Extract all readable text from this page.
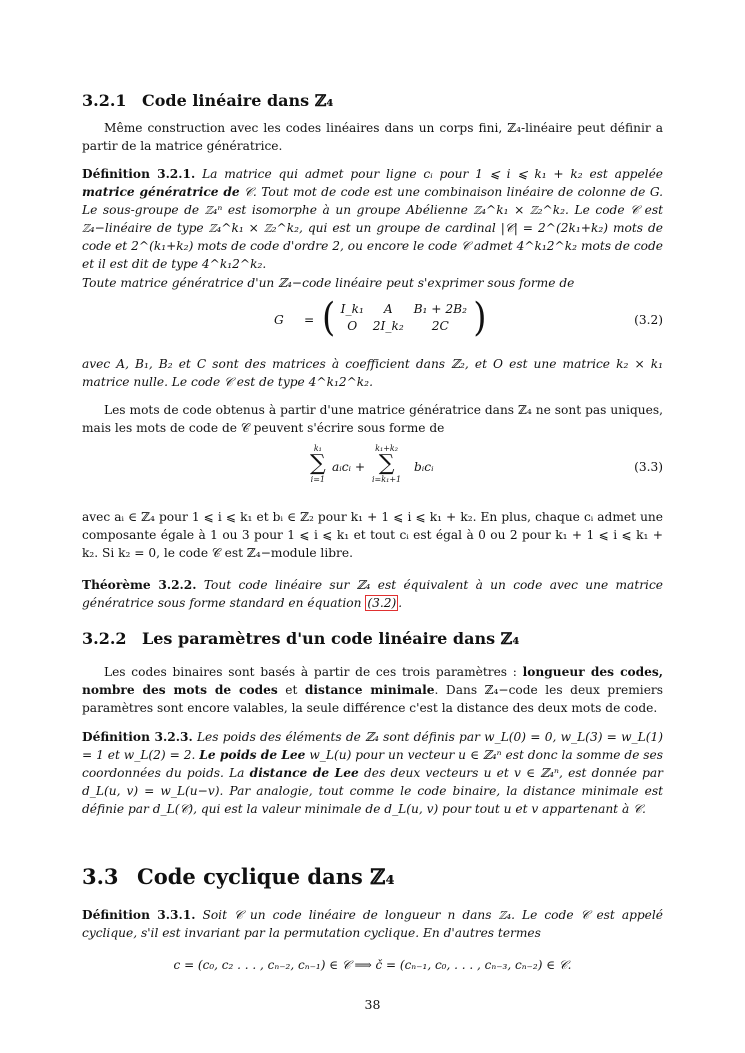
3.2.1 Code linéaire dans ℤ₄

Même construction avec les codes linéaires dans un corps fini, ℤ₄-linéaire peut définir a partir de la matrice génératrice.

Définition 3.2.1. La matrice qui admet pour ligne cᵢ pour 1 ⩽ i ⩽ k₁ + k₂ est appelée matrice génératrice de 𝒞. Tout mot de code est une combinaison linéaire de colonne de G. Le sous-groupe de ℤ₄ⁿ est isomorphe à un groupe Abélienne ℤ₄^k₁ × ℤ₂^k₂. Le code 𝒞 est ℤ₄−linéaire de type ℤ₄^k₁ × ℤ₂^k₂, qui est un groupe de cardinal |𝒞| = 2^(2k₁+k₂) mots de code et 2^(k₁+k₂) mots de code d'ordre 2, ou encore le code 𝒞 admet 4^k₁2^k₂ mots de code et il est dit de type 4^k₁2^k₂.

Toute matrice génératrice d'un ℤ₄−code linéaire peut s'exprimer sous forme de

G = ( I_k₁	A	B₁ + 2B₂
O	2I_k₂	2C )	(3.2)

avec A, B₁, B₂ et C sont des matrices à coefficient dans ℤ₂, et O est une matrice k₂ × k₁ matrice nulle. Le code 𝒞 est de type 4^k₁2^k₂.

Les mots de code obtenus à partir d'une matrice génératrice dans ℤ₄ ne sont pas uniques, mais les mots de code de 𝒞 peuvent s'écrire sous forme de

k₁
∑
i=1
aᵢcᵢ +
k₁+k₂
∑
i=k₁+1
bᵢcᵢ	(3.3)

avec aᵢ ∈ ℤ₄ pour 1 ⩽ i ⩽ k₁ et bᵢ ∈ ℤ₂ pour k₁ + 1 ⩽ i ⩽ k₁ + k₂. En plus, chaque cᵢ admet une composante égale à 1 ou 3 pour 1 ⩽ i ⩽ k₁ et tout cᵢ est égal à 0 ou 2 pour k₁ + 1 ⩽ i ⩽ k₁ + k₂. Si k₂ = 0, le code 𝒞 est ℤ₄−module libre.

Théorème 3.2.2. Tout code linéaire sur ℤ₄ est équivalent à un code avec une matrice génératrice sous forme standard en équation (3.2) .

3.2.2 Les paramètres d'un code linéaire dans ℤ₄

Les codes binaires sont basés à partir de ces trois paramètres : longueur des codes, nombre des mots de codes et distance minimale. Dans ℤ₄−code les deux premiers paramètres sont encore valables, la seule différence c'est la distance des deux mots de code.

Définition 3.2.3. Les poids des éléments de ℤ₄ sont définis par w_L(0) = 0, w_L(3) = w_L(1) = 1 et w_L(2) = 2. Le poids de Lee w_L(u) pour un vecteur u ∈ ℤ₄ⁿ est donc la somme de ses coordonnées du poids. La distance de Lee des deux vecteurs u et v ∈ ℤ₄ⁿ, est donnée par d_L(u, v) = w_L(u−v). Par analogie, tout comme le code binaire, la distance minimale est définie par d_L(𝒞), qui est la valeur minimale de d_L(u, v) pour tout u et v appartenant à 𝒞.

3.3 Code cyclique dans ℤ₄

Définition 3.3.1. Soit 𝒞 un code linéaire de longueur n dans ℤ₄. Le code 𝒞 est appelé cyclique, s'il est invariant par la permutation cyclique. En d'autres termes

c = (c₀, c₂ . . . , cₙ₋₂, cₙ₋₁) ∈ 𝒞 ⟹ č = (cₙ₋₁, c₀, . . . , cₙ₋₃, cₙ₋₂) ∈ 𝒞.
38
